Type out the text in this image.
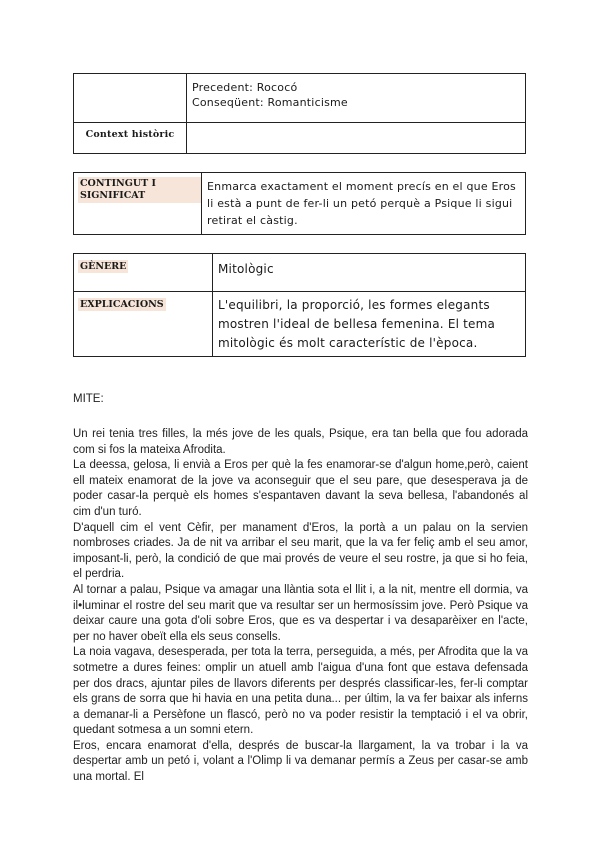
	Precedent: Rococó
Conseqüent: Romanticisme

Context històric	
CONTINGUT I SIGNIFICAT	Enmarca exactament el moment precís en el que Eros li està a punt de fer-li un petó perquè a Psique li sigui retirat el càstig.
GÈNERE	Mitològic
EXPLICACIONS	L'equilibri, la proporció, les formes elegants mostren l'ideal de bellesa femenina. El tema mitològic és molt característic de l'època.
MITE:

Un rei tenia tres filles, la més jove de les quals, Psique, era tan bella que fou adorada com si fos la mateixa Afrodita.

La deessa, gelosa, li envià a Eros per què la fes enamorar-se d'algun home,però, caient ell mateix enamorat de la jove va aconseguir que el seu pare, que desesperava ja de poder casar-la perquè els homes s'espantaven davant la seva bellesa, l'abandonés al cim d'un turó.

D'aquell cim el vent Cèfir, per manament d'Eros, la portà a un palau on la servien nombroses criades. Ja de nit va arribar el seu marit, que la va fer feliç amb el seu amor, imposant-li, però, la condició de que mai provés de veure el seu rostre, ja que si ho feia, el perdria.

Al tornar a palau, Psique va amagar una llàntia sota el llit i, a la nit, mentre ell dormia, va il•luminar el rostre del seu marit que va resultar ser un hermosíssim jove. Però Psique va deixar caure una gota d'oli sobre Eros, que es va despertar i va desaparèixer en l'acte, per no haver obeït ella els seus consells.

La noia vagava, desesperada, per tota la terra, perseguida, a més, per Afrodita que la va sotmetre a dures feines: omplir un atuell amb l'aigua d'una font que estava defensada per dos dracs, ajuntar piles de llavors diferents per després classificar-les, fer-li comptar els grans de sorra que hi havia en una petita duna... per últim, la va fer baixar als inferns a demanar-li a Persèfone un flascó, però no va poder resistir la temptació i el va obrir, quedant sotmesa a un somni etern.

Eros, encara enamorat d'ella, després de buscar-la llargament, la va trobar i la va despertar amb un petó i, volant a l'Olimp li va demanar permís a Zeus per casar-se amb una mortal. El
